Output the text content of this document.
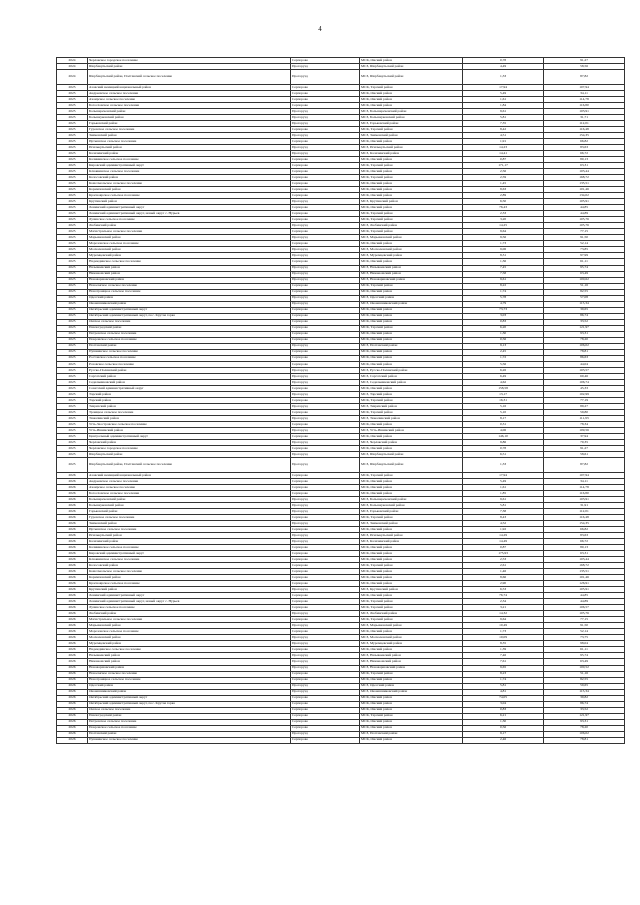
4
2024	Черлакское городское поселение	Серпорово	МСК, Омский район	0,78	91,27
2024	Шербакульский район	Прогорузд	МСЗ, Шербакульский район	4,49	58,56
2024	Шербакульский район, Полтавский сельское поселение	Прогорузд	МСЗ, Шербакульский район	1,33	87,82
2025	Азовский немецкий национальный район	Серпорово	МСК, Тарский район	17,94	107,94
2025	Андреевское сельское поселение	Серпорово	МСК, Омский район	5,49	34,11
2025	Ачаирское сельское поселение	Серпорово	МСК, Омский район	1,61	114,78
2025	Богословское сельское поселение	Серпорово	МСК, Омский район	1,84	116,80
2025	Большереченский район	Прогорузд	МСЗ, Большереченский район	9,61	103,91
2025	Большеуковский район	Прогорузд	МСЗ, Большеуковский район	5,81	31,71
2025	Горьковский район	Прогорузд	МСЗ, Горьковский район	7,35	112,01
2025	Гуровское сельское поселение	Серпорово	МСК, Тарский район	8,42	116,48
2025	Знаменский район	Прогорузд	МСЗ, Знаменский район	4,51	154,35
2025	Иртышское сельское поселение	Серпорово	МСК, Омский район	1,91	66,82
2025	Исилькульский район	Прогорузд	МСЗ, Исилькульский район	14,23	83,63
2025	Калачинский район	Прогорузд	МСЗ, Калачинский район	14,41	66,72
2025	Калининское сельское поселение	Серпорово	МСК, Омский район	0,87	80,13
2025	Кировский административный округ	Серпорово	МСК, Тарский район	171,17	63,31
2025	Клюквинское сельское поселение	Серпорово	МСК, Омский район	2,56	103,44
2025	Колосовский район	Серпорово	МСК, Тарский район	2,59	168,72
2025	Комсомольское сельское поселение	Серпорово	МСК, Омский район	1,45	135,51
2025	Кормиловский район	Серпорово	МСК, Омский район	8,63	101,46
2025	Красноярское сельское поселение	Серпорово	МСК, Омский район	2,89	134,02
2025	Крутинский район	Прогорузд	МСЗ, Крутинский район	6,50	105,91
2025	Ленинский административный округ	Серпорово	МСК, Омский район	76,43	44,85
2025	Ленинский административный округ, новый округ с. Нурьев	Серпорово	МСК, Тарский район	2,33	44,89
2025	Лузинское сельское поселение	Серпорово	МСК, Тарский район	3,20	105,76
2025	Любинский район	Прогорузд	МСЗ, Любинский район	14,25	105,76
2025	Магистральное сельское поселение	Серпорово	МСК, Тарский район	9,64	77,15
2025	Марьяновский район	Прогорузд	МСЗ, Марьяновский район	9,56	91,50
2025	Морозовское сельское поселение	Серпорово	МСК, Омский район	1,73	52,14
2025	Москаленский район	Прогорузд	МСЗ, Москаленский район	9,06	73,85
2025	Муромцевский район	Прогорузд	МСЗ, Муромцевский район	8,31	97,99
2025	Надеждинское сельское поселение	Серпорово	МСК, Омский район	1,36	61,11
2025	Называевский район	Прогорузд	МСЗ, Называевский район	7,45	95,74
2025	Нижнеомский район	Прогорузд	МСЗ, Нижнеомский район	7,58	63,49
2025	Нововаршавский район	Прогорузд	МСЗ, Нововаршавский район	9,61	100,62
2025	Новоомское сельское поселение	Серпорово	МСК, Тарский район	8,22	51,16
2025	Новотроицкое сельское поселение	Серпорово	МСК, Омский район	1,74	82,55
2025	Одесский район	Прогорузд	МСЗ, Одесский район	5,78	57,08
2025	Оконешниковский район	Прогорузд	МСЗ, Оконешниковский район	4,79	115,34
2025	Октябрьский административный округ	Серпорово	МСК, Омский район	73,73	39,65
2025	Октябрьский административный округ, пос. Крутая горка	Серпорово	МСК, Омский район	3,03	86,74
2025	Омское сельское поселение	Серпорово	МСК, Омский район	0,83	33,52
2025	Павлоградский район	Серпорово	МСК, Тарский район	6,20	121,97
2025	Петровское сельское поселение	Серпорово	МСК, Омский район	1,30	93,31
2025	Покровское сельское поселение	Серпорово	МСК, Омский район	0,56	78,20
2025	Полтавский район	Прогорузд	МСЗ, Полтавский район	9,13	106,02
2025	Пушкинское сельское поселение	Серпорово	МСК, Омский район	2,45	78,81
2025	Ростовское сельское поселение	Серпорово	МСК, Омский район	1,72	86,63
2025	Розовское сельское поселение	Серпорово	МСК, Омский район	5,56	44,04
2025	Русско-Полянский район	Прогорузд	МСЗ, Русско-Полянский район	6,26	103,57
2025	Саргатский район	Прогорузд	МСЗ, Саргатский район	6,49	60,46
2025	Седельниковский район	Прогорузд	МСЗ, Седельниковский район	4,62	106,74
2025	Советский административный округ	Серпорово	МСК, Омский район	158,58	45,33
2025	Тарский район	Прогорузд	МСЗ, Тарский район	13,17	102,99
2025	Тарский район	Серпорово	МСК, Тарский район	16,31	77,19
2025	Тевризский район	Прогорузд	МСЗ, Тевризский район	5,16	89,27
2025	Троицкое сельское поселение	Серпорово	МСК, Тарский район	5,10	59,80
2025	Тюкалинский район	Прогорузд	МСЗ, Тюкалинский район	8,17	111,93
2025	Усть-Заостровское сельское поселение	Серпорово	МСК, Омский район	0,31	78,34
2025	Усть-Ишимский район	Прогорузд	МСЗ, Усть-Ишимский район	4,06	109,56
2025	Центральный административный округ	Серпорово	МСК, Омский район	146,10	37,94
2025	Черлакский район	Прогорузд	МСЗ, Черлакский район	9,86	70,35
2025	Черлакское городское поселение	Серпорово	МСК, Омский район	0,78	91,27
2025	Шербакульский район	Прогорузд	МСЗ, Шербакульский район	6,51	58,61
2025	Шербакульский район, Полтавский сельское поселение	Прогорузд	МСЗ, Шербакульский район	1,33	87,82
2026	Азовский немецкий национальный район	Серпорово	МСК, Тарский район	17,94	107,94
2026	Андреевское сельское поселение	Серпорово	МСК, Омский район	5,49	34,11
2026	Ачаирское сельское поселение	Серпорово	МСК, Омский район	1,61	114,78
2026	Богословское сельское поселение	Серпорово	МСК, Омский район	1,85	116,80
2026	Большереченский район	Прогорузд	МСЗ, Большереченский район	9,61	103,91
2026	Большеуковский район	Прогорузд	МСЗ, Большеуковский район	5,81	31,91
2026	Горьковский район	Прогорузд	МСЗ, Горьковский район	7,38	112,01
2026	Гуровское сельское поселение	Серпорово	МСК, Тарский район	8,43	116,48
2026	Знаменский район	Прогорузд	МСЗ, Знаменский район	4,52	154,35
2026	Иртышское сельское поселение	Серпорово	МСК, Омский район	1,92	66,82
2026	Исилькульский район	Прогорузд	МСЗ, Исилькульский район	14,29	83,63
2026	Калачинский район	Прогорузд	МСЗ, Калачинский район	14,49	66,72
2026	Калининское сельское поселение	Серпорово	МСК, Омский район	0,87	80,13
2026	Кировский административный округ	Серпорово	МСК, Омский район	175,93	63,31
2026	Клюквинское сельское поселение	Серпорово	МСК, Омский район	2,53	103,44
2026	Колосовский район	Серпорово	МСК, Тарский район	2,61	168,72
2026	Комсомольское сельское поселение	Серпорово	МСК, Омский район	1,46	135,51
2026	Кормиловский район	Серпорово	МСК, Омский район	8,66	101,46
2026	Красноярское сельское поселение	Серпорово	МСК, Омский район	2,90	126,91
2026	Крутинский район	Прогорузд	МСЗ, Крутинский район	6,53	105,91
2026	Ленинский административный округ	Серпорово	МСК, Омский район	76,74	44,85
2026	Ленинский административный округ, новый округ с. Нурьев	Серпорово	МСК, Тарский район	2,34	44,89
2026	Лузинское сельское поселение	Серпорово	МСК, Тарский район	3,21	106,57
2026	Любинский район	Прогорузд	МСЗ, Любинский район	14,32	105,76
2026	Магистральное сельское поселение	Серпорово	МСК, Тарский район	9,64	77,15
2026	Марьяновский район	Прогорузд	МСЗ, Марьяновский район	10,49	91,50
2026	Морозовское сельское поселение	Серпорово	МСК, Омский район	1,73	52,14
2026	Москаленский район	Прогорузд	МСЗ, Москаленский район	10,09	73,75
2026	Муромцевский район	Прогорузд	МСЗ, Муромцевский район	8,35	98,04
2026	Надеждинское сельское поселение	Серпорово	МСК, Омский район	1,39	61,11
2026	Называевский район	Прогорузд	МСЗ, Называевский район	7,46	95,74
2026	Нижнеомский район	Прогорузд	МСЗ, Нижнеомский район	7,61	63,49
2026	Нововаршавский район	Прогорузд	МСЗ, Нововаршавский район	9,65	100,52
2026	Новоомское сельское поселение	Серпорово	МСК, Тарский район	8,23	51,16
2026	Новотроицкое сельское поселение	Серпорово	МСК, Омский район	1,74	82,55
2026	Одесский район	Прогорузд	МСЗ, Одесский район	5,81	59,65
2026	Оконешниковский район	Прогорузд	МСЗ, Оконешниковский район	4,81	115,34
2026	Октябрьский административный округ	Серпорово	МСК, Омский район	74,05	39,82
2026	Октябрьский административный округ, пос. Крутая горка	Серпорово	МСК, Омский район	3,04	86,74
2026	Омское сельское поселение	Серпорово	МСК, Омский район	0,83	33,52
2026	Павлоградский район	Серпорово	МСК, Тарский район	6,21	121,97
2026	Петровское сельское поселение	Серпорово	МСК, Омский район	1,30	93,31
2026	Покровское сельское поселение	Серпорово	МСК, Омский район	0,56	78,20
2026	Полтавский район	Прогорузд	МСЗ, Полтавский район	9,17	106,02
2026	Пушкинское сельское поселение	Серпорово	МСК, Омский район	2,46	78,81
